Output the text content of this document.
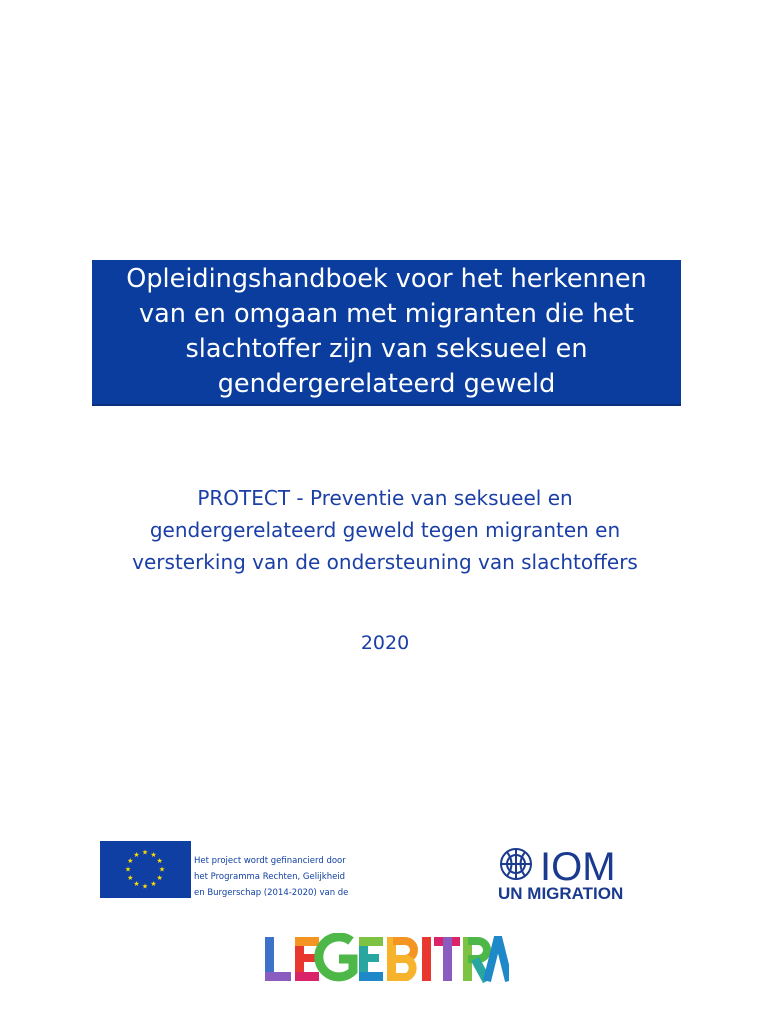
Opleidingshandboek voor het herkennen
van en omgaan met migranten die het
slachtoffer zijn van seksueel en
gendergerelateerd geweld
PROTECT - Preventie van seksueel en
gendergerelateerd geweld tegen migranten en
versterking van de ondersteuning van slachtoffers
2020
★
★
★
★
★
★
★
★
★ ★ ★
★	Het project wordt gefinancierd door
het Programma Rechten, Gelijkheid
en Burgerschap (2014-2020) van de
IOM
UN MIGRATION
